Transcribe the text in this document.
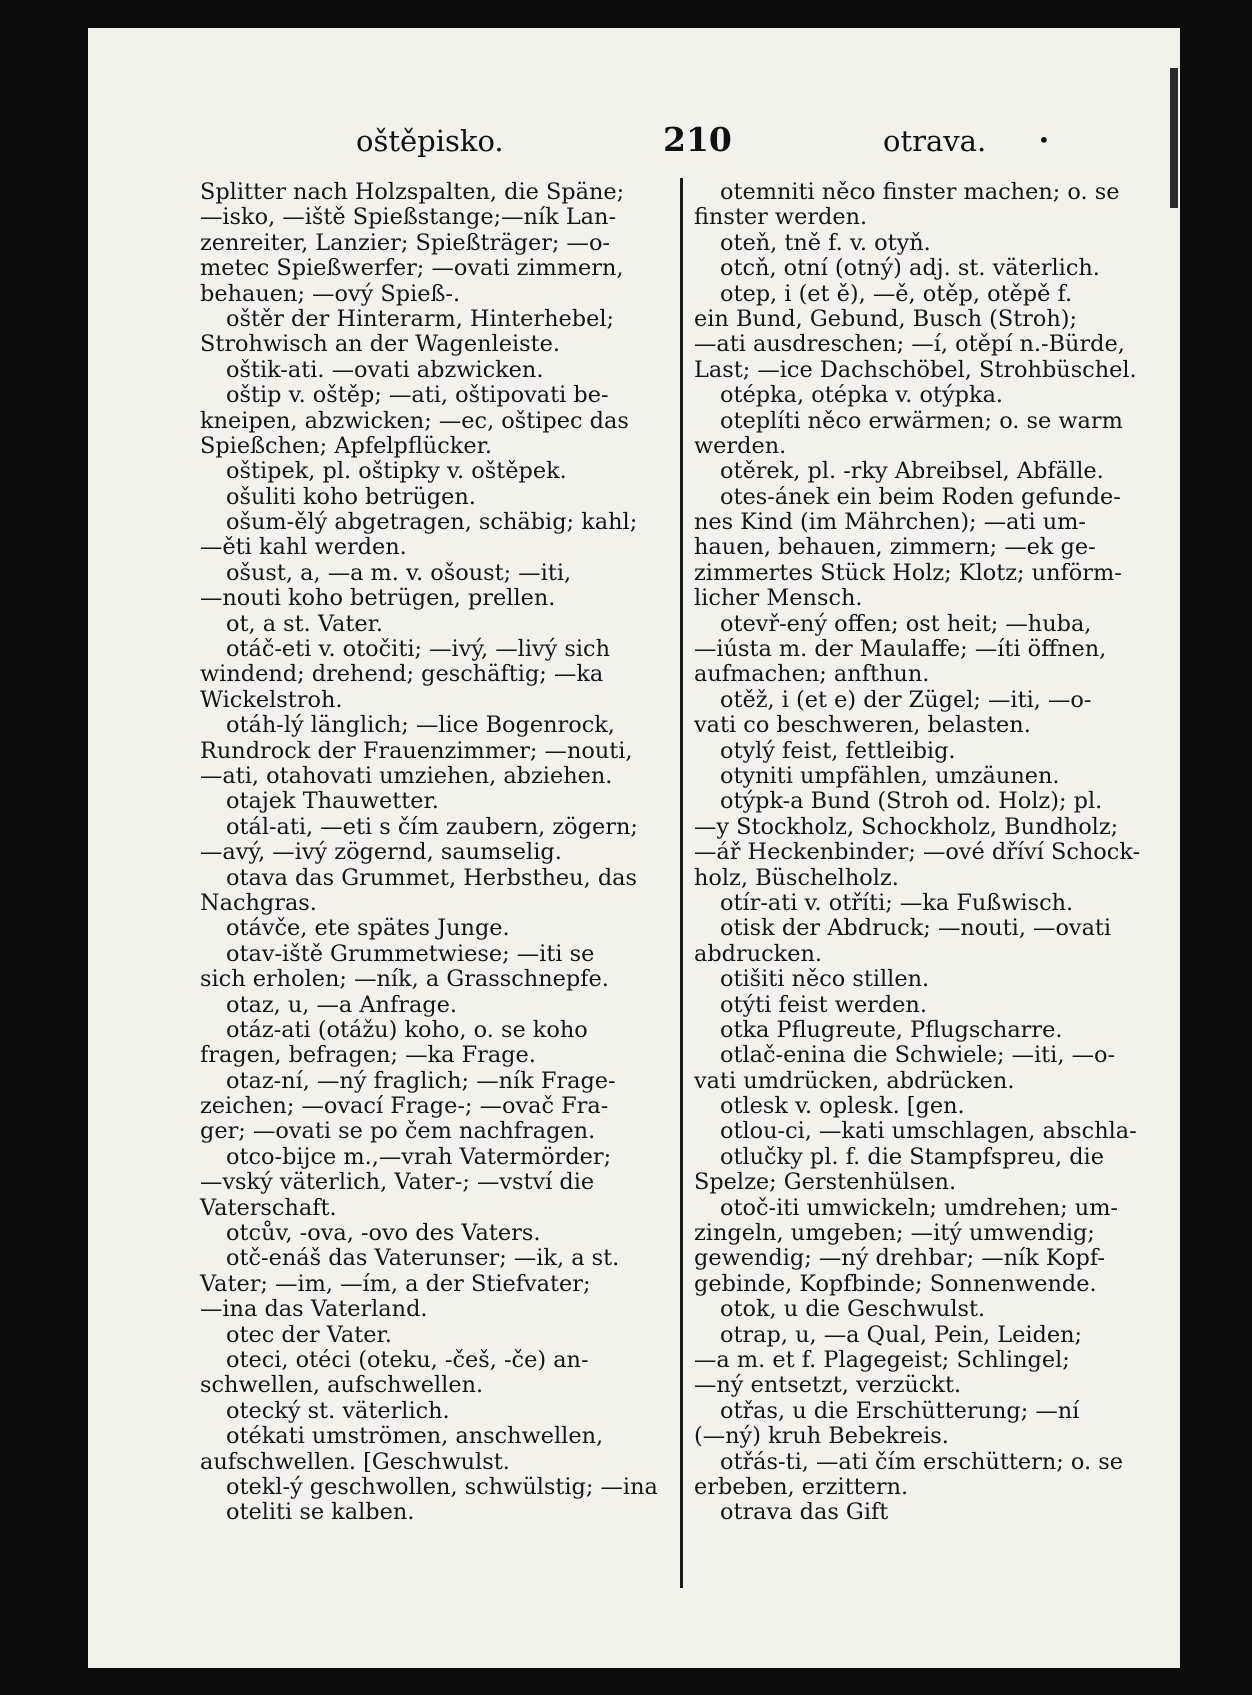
oštěpisko.	210	otrava.	•
Splitter nach Holzspalten, die Späne;
—isko, —iště Spießstange;—ník Lan-
zenreiter, Lanzier; Spießträger; —o-
metec Spießwerfer; —ovati zimmern,
behauen; —ový Spieß-.
oštěr der Hinterarm, Hinterhebel;
Strohwisch an der Wagenleiste.
oštik-ati. —ovati abzwicken.
oštip v. oštěp; —ati, oštipovati be-
kneipen, abzwicken; —ec, oštipec das
Spießchen; Apfelpflücker.
oštipek, pl. oštipky v. oštěpek.
ošuliti koho betrügen.
ošum-ělý abgetragen, schäbig; kahl;
—ěti kahl werden.
ošust, a, —a m. v. ošoust; —iti,
—nouti koho betrügen, prellen.
ot, a st. Vater.
otáč-eti v. otočiti; —ivý, —livý sich
windend; drehend; geschäftig; —ka
Wickelstroh.
otáh-lý länglich; —lice Bogenrock,
Rundrock der Frauenzimmer; —nouti,
—ati, otahovati umziehen, abziehen.
otajek Thauwetter.
otál-ati, —eti s čím zaubern, zögern;
—avý, —ivý zögernd, saumselig.
otava das Grummet, Herbstheu, das
Nachgras.
otávče, ete spätes Junge.
otav-iště Grummetwiese; —iti se
sich erholen; —ník, a Grasschnepfe.
otaz, u, —a Anfrage.
otáz-ati (otážu) koho, o. se koho
fragen, befragen; —ka Frage.
otaz-ní, —ný fraglich; —ník Frage-
zeichen; —ovací Frage-; —ovač Fra-
ger; —ovati se po čem nachfragen.
otco-bijce m.,—vrah Vatermörder;
—vský väterlich, Vater-; —vství die
Vaterschaft.
otcův, -ova, -ovo des Vaters.
otč-enáš das Vaterunser; —ik, a st.
Vater; —im, —ím, a der Stiefvater;
—ina das Vaterland.
otec der Vater.
oteci, otéci (oteku, -češ, -če) an-
schwellen, aufschwellen.
otecký st. väterlich.
otékati umströmen, anschwellen,
aufschwellen. [Geschwulst.
otekl-ý geschwollen, schwülstig; —ina
oteliti se kalben.
otemniti něco finster machen; o. se
finster werden.
oteň, tně f. v. otyň.
otcň, otní (otný) adj. st. väterlich.
otep, i (et ě), —ě, otěp, otěpě f.
ein Bund, Gebund, Busch (Stroh);
—ati ausdreschen; —í, otěpí n.-Bürde,
Last; —ice Dachschöbel, Strohbüschel.
otépka, otépka v. otýpka.
oteplíti něco erwärmen; o. se warm
werden.
otěrek, pl. -rky Abreibsel, Abfälle.
otes-ánek ein beim Roden gefunde-
nes Kind (im Mährchen); —ati um-
hauen, behauen, zimmern; —ek ge-
zimmertes Stück Holz; Klotz; unförm-
licher Mensch.
otevř-ený offen; ost heit; —huba,
—iústa m. der Maulaffe; —íti öffnen,
aufmachen; anfthun.
otěž, i (et e) der Zügel; —iti, —o-
vati co beschweren, belasten.
otylý feist, fettleibig.
otyniti umpfählen, umzäunen.
otýpk-a Bund (Stroh od. Holz); pl.
—y Stockholz, Schockholz, Bundholz;
—ář Heckenbinder; —ové dříví Schock-
holz, Büschelholz.
otír-ati v. otříti; —ka Fußwisch.
otisk der Abdruck; —nouti, —ovati
abdrucken.
otišiti něco stillen.
otýti feist werden.
otka Pflugreute, Pflugscharre.
otlač-enina die Schwiele; —iti, —o-
vati umdrücken, abdrücken.
otlesk v. oplesk. [gen.
otlou-ci, —kati umschlagen, abschla-
otlučky pl. f. die Stampfspreu, die
Spelze; Gerstenhülsen.
otoč-iti umwickeln; umdrehen; um-
zingeln, umgeben; —itý umwendig;
gewendig; —ný drehbar; —ník Kopf-
gebinde, Kopfbinde; Sonnenwende.
otok, u die Geschwulst.
otrap, u, —a Qual, Pein, Leiden;
—a m. et f. Plagegeist; Schlingel;
—ný entsetzt, verzückt.
otřas, u die Erschütterung; —ní
(—ný) kruh Bebekreis.
otřás-ti, —ati čím erschüttern; o. se
erbeben, erzittern.
otrava das Gift
